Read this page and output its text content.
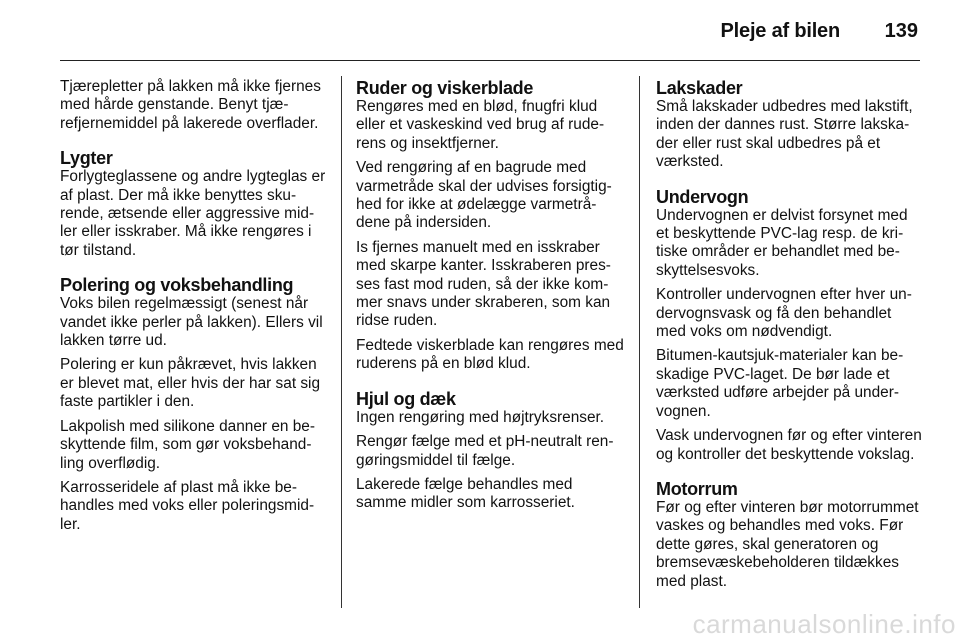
Pleje af bilen 139

Tjærepletter på lakken må ikke fjernes med hårde genstande. Benyt tjærefjernemiddel på lakerede overflader.

Lygter

Forlygteglassene og andre lygteglas er af plast. Der må ikke benyttes skurende, ætsende eller aggressive midler eller isskraber. Må ikke rengøres i tør tilstand.

Polering og voksbehandling

Voks bilen regelmæssigt (senest når vandet ikke perler på lakken). Ellers vil lakken tørre ud.

Polering er kun påkrævet, hvis lakken er blevet mat, eller hvis der har sat sig faste partikler i den.

Lakpolish med silikone danner en beskyttende film, som gør voksbehandling overflødig.

Karrosseridele af plast må ikke behandles med voks eller poleringsmidler.

Ruder og viskerblade

Rengøres med en blød, fnugfri klud eller et vaskeskind ved brug af ruderens og insektfjerner.

Ved rengøring af en bagrude med varmetråde skal der udvises forsigtighed for ikke at ødelægge varmetrådene på indersiden.

Is fjernes manuelt med en isskraber med skarpe kanter. Isskraberen presses fast mod ruden, så der ikke kommer snavs under skraberen, som kan ridse ruden.

Fedtede viskerblade kan rengøres med ruderens på en blød klud.

Hjul og dæk

Ingen rengøring med højtryksrenser.

Rengør fælge med et pH-neutralt rengøringsmiddel til fælge.

Lakerede fælge behandles med samme midler som karrosseriet.

Lakskader

Små lakskader udbedres med lakstift, inden der dannes rust. Større lakskader eller rust skal udbedres på et værksted.

Undervogn

Undervognen er delvist forsynet med et beskyttende PVC-lag resp. de kritiske områder er behandlet med beskyttelsesvoks.

Kontroller undervognen efter hver undervognsvask og få den behandlet med voks om nødvendigt.

Bitumen-kautsjuk-materialer kan beskadige PVC-laget. De bør lade et værksted udføre arbejder på undervognen.

Vask undervognen før og efter vinteren og kontroller det beskyttende vokslag.

Motorrum

Før og efter vinteren bør motorrummet vaskes og behandles med voks. Før dette gøres, skal generatoren og bremsevæskebeholderen tildækkes med plast.

carmanualsonline.info
